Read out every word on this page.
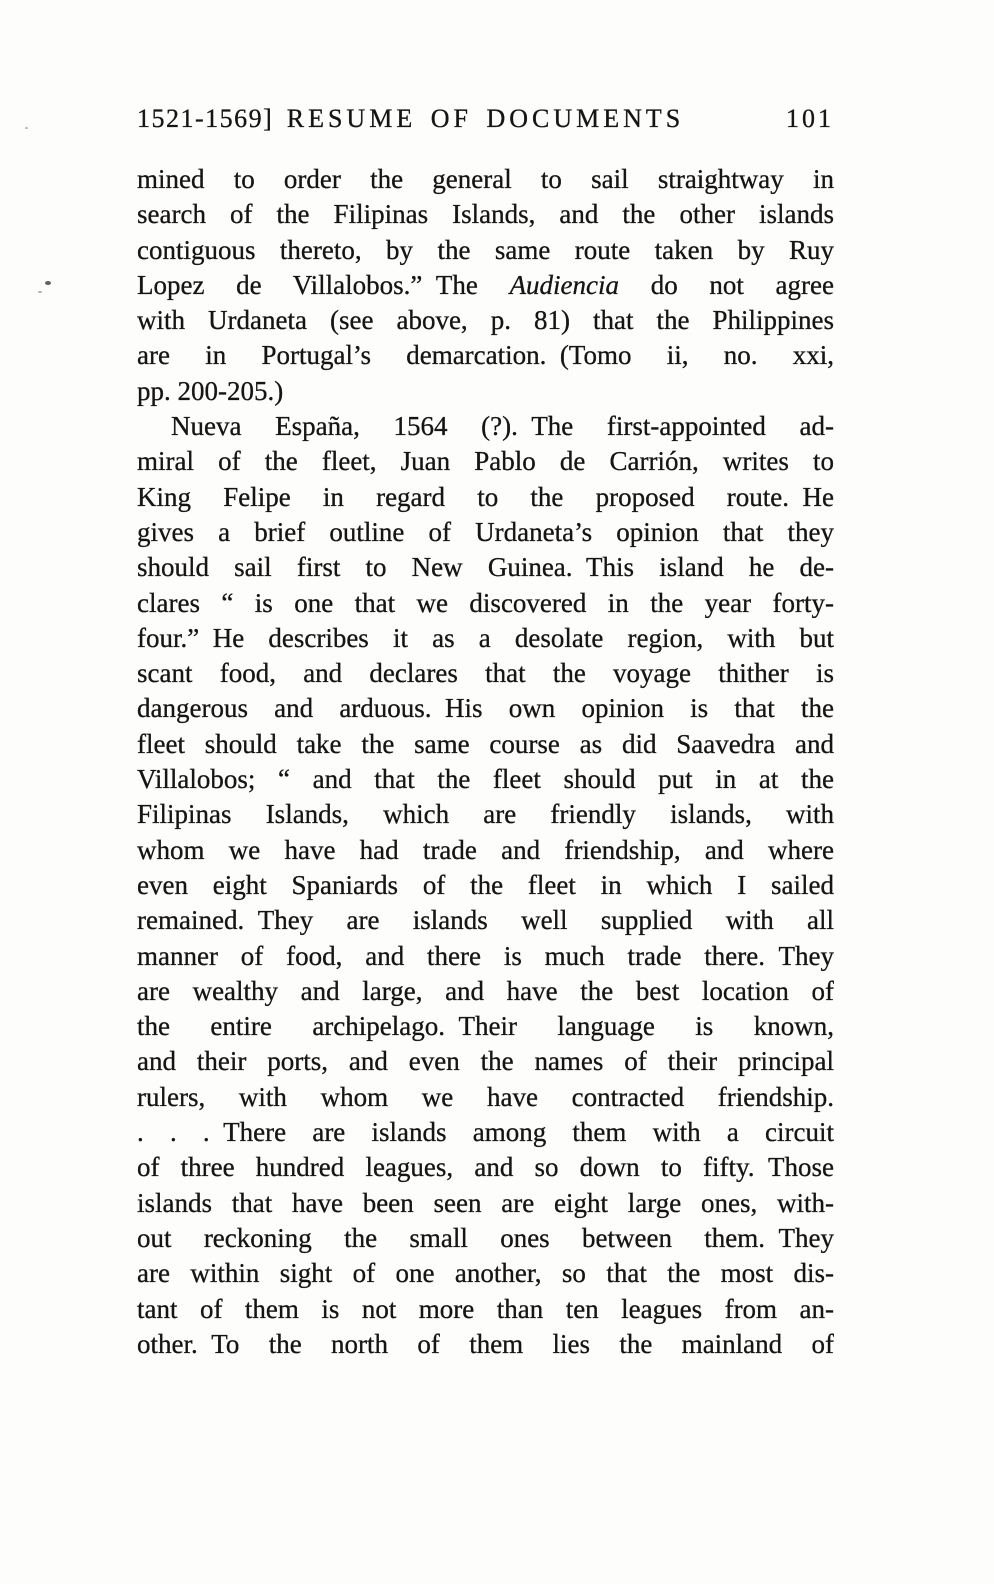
1521-1569] RESUME OF DOCUMENTS	101
mined to order the general to sail straightway in
search of the Filipinas Islands, and the other islands
contiguous thereto, by the same route taken by Ruy
Lopez de Villalobos.” The Audiencia do not agree
with Urdaneta (see above, p. 81) that the Philippines
are in Portugal’s demarcation. (Tomo ii, no. xxi,
pp. 200-205.)
Nueva España, 1564 (?). The first-appointed ad-
miral of the fleet, Juan Pablo de Carrión, writes to
King Felipe in regard to the proposed route. He
gives a brief outline of Urdaneta’s opinion that they
should sail first to New Guinea. This island he de-
clares “ is one that we discovered in the year forty-
four.” He describes it as a desolate region, with but
scant food, and declares that the voyage thither is
dangerous and arduous. His own opinion is that the
fleet should take the same course as did Saavedra and
Villalobos; “ and that the fleet should put in at the
Filipinas Islands, which are friendly islands, with
whom we have had trade and friendship, and where
even eight Spaniards of the fleet in which I sailed
remained. They are islands well supplied with all
manner of food, and there is much trade there. They
are wealthy and large, and have the best location of
the entire archipelago. Their language is known,
and their ports, and even the names of their principal
rulers, with whom we have contracted friendship.
. . . There are islands among them with a circuit
of three hundred leagues, and so down to fifty. Those
islands that have been seen are eight large ones, with-
out reckoning the small ones between them. They
are within sight of one another, so that the most dis-
tant of them is not more than ten leagues from an-
other. To the north of them lies the mainland of
